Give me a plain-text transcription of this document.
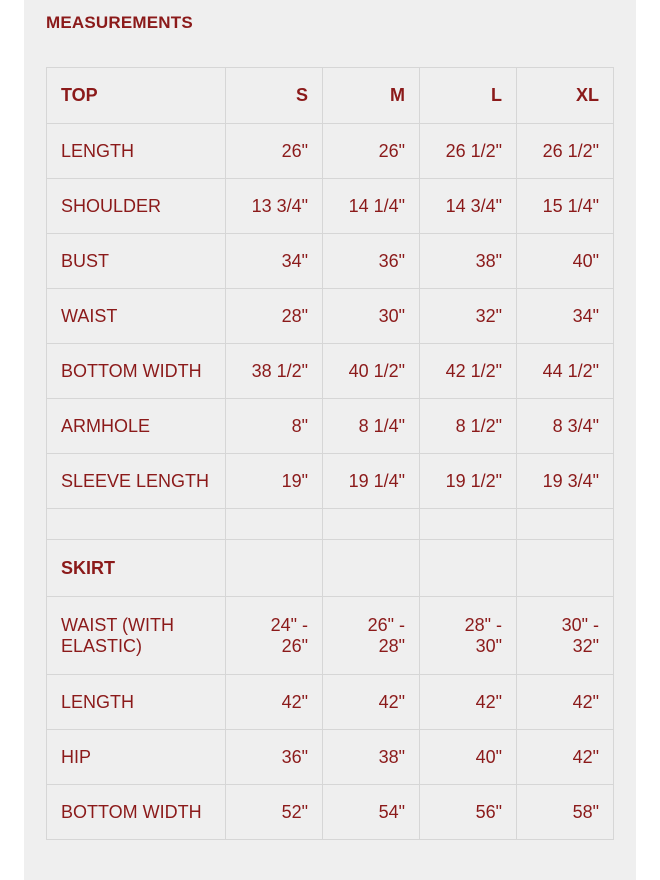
MEASUREMENTS
TOP	S	M	L	XL
LENGTH	26"	26"	26 1/2"	26 1/2"
SHOULDER	13 3/4"	14 1/4"	14 3/4"	15 1/4"
BUST	34"	36"	38"	40"
WAIST	28"	30"	32"	34"
BOTTOM WIDTH	38 1/2"	40 1/2"	42 1/2"	44 1/2"
ARMHOLE	8"	8 1/4"	8 1/2"	8 3/4"
SLEEVE LENGTH	19"	19 1/4"	19 1/2"	19 3/4"

SKIRT				
WAIST (WITH ELASTIC)	24" - 26"	26" - 28"	28" - 30"	30" - 32"
LENGTH	42"	42"	42"	42"
HIP	36"	38"	40"	42"
BOTTOM WIDTH	52"	54"	56"	58"
